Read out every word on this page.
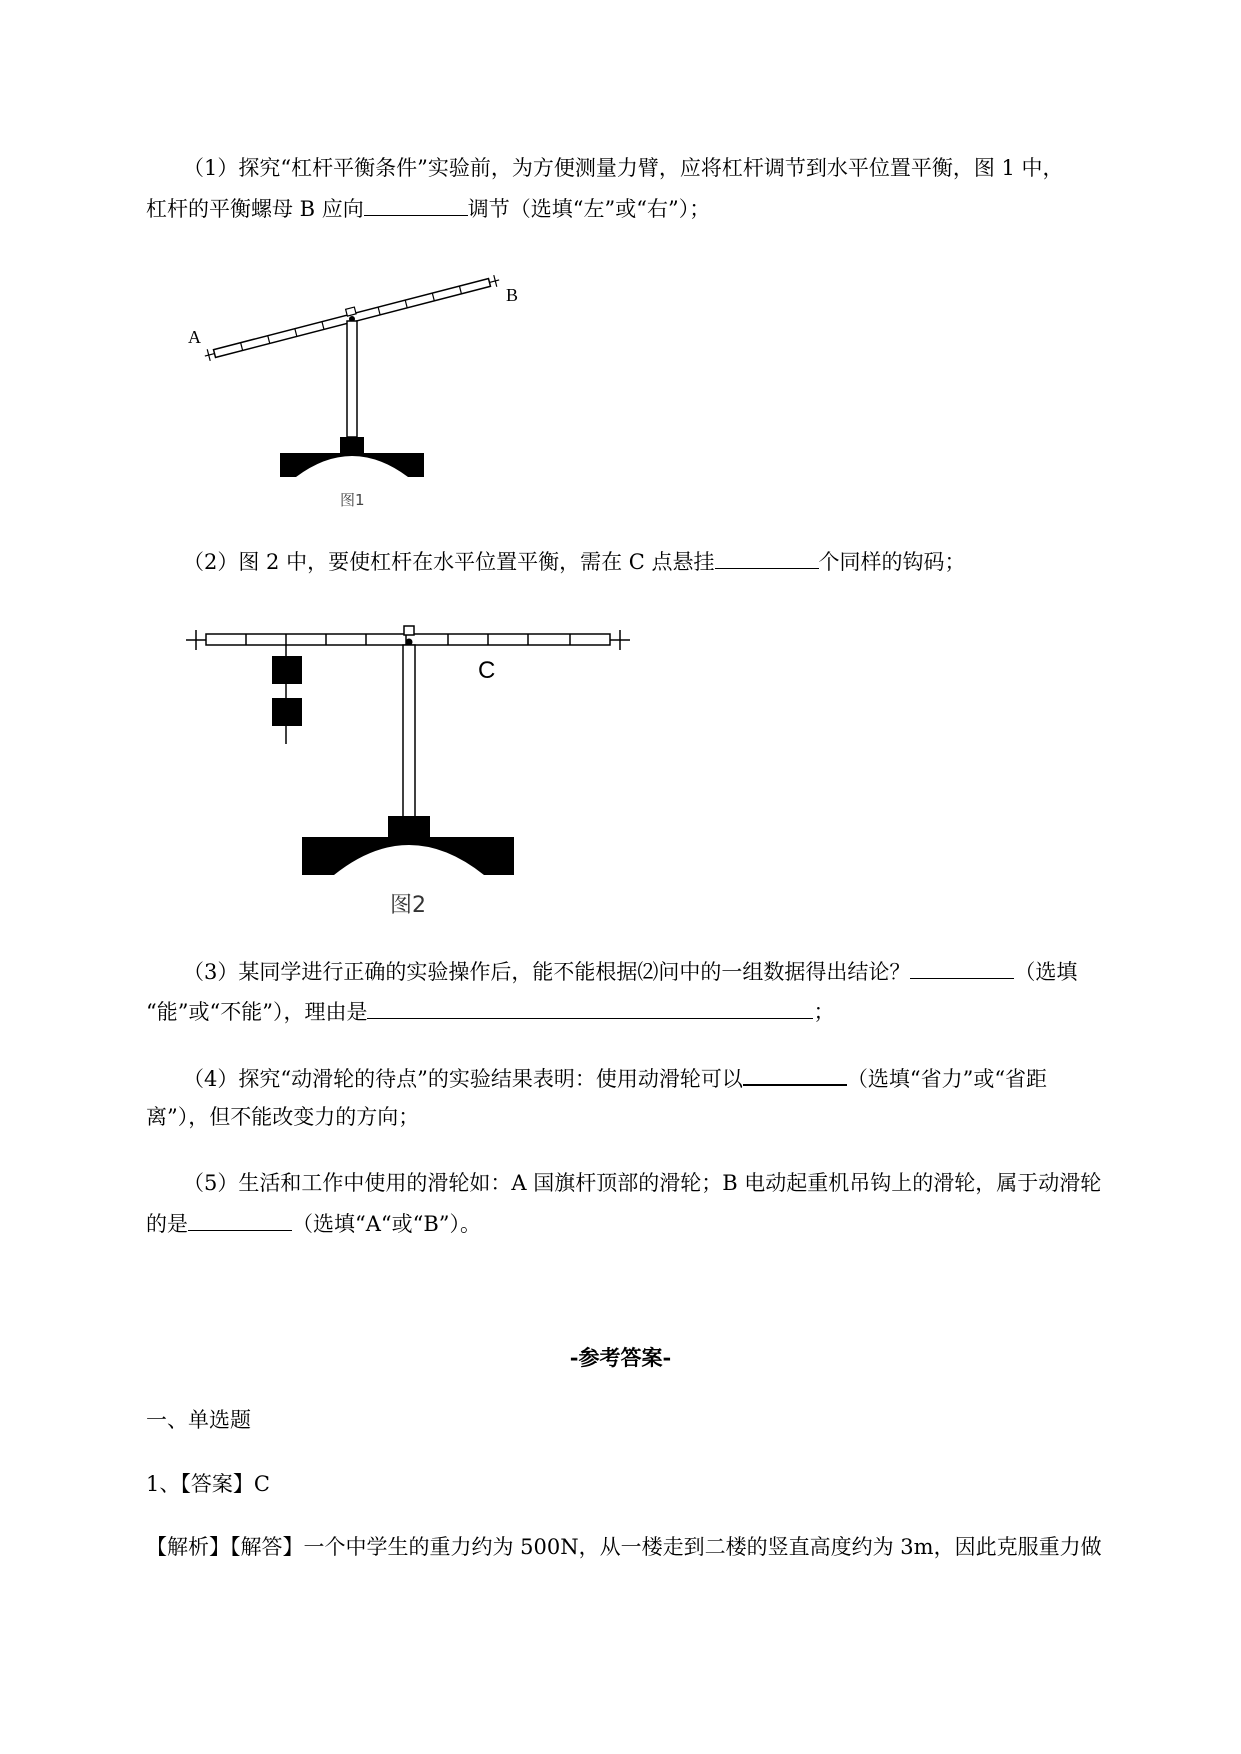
（1）探究“杠杆平衡条件”实验前，为方便测量力臂，应将杠杆调节到水平位置平衡，图 1 中，
杠杆的平衡螺母 B 应向	调节（选填“左”或“右”）；
A
B
图1
（2）图 2 中，要使杠杆在水平位置平衡，需在 C 点悬挂	个同样的钩码；
C
图2
（3）某同学进行正确的实验操作后，能不能根据⑵问中的一组数据得出结论？	（选填
“能”或“不能”），理由是	；
（4）探究“动滑轮的待点”的实验结果表明：使用动滑轮可以	（选填“省力”或“省距
离”），但不能改变力的方向；
（5）生活和工作中使用的滑轮如：A 国旗杆顶部的滑轮；B 电动起重机吊钩上的滑轮，属于动滑轮
的是	（选填“A“或“B”）。
-参考答案-
一、单选题
1、【答案】C
【解析】【解答】一个中学生的重力约为 500N，从一楼走到二楼的竖直高度约为 3m，因此克服重力做
